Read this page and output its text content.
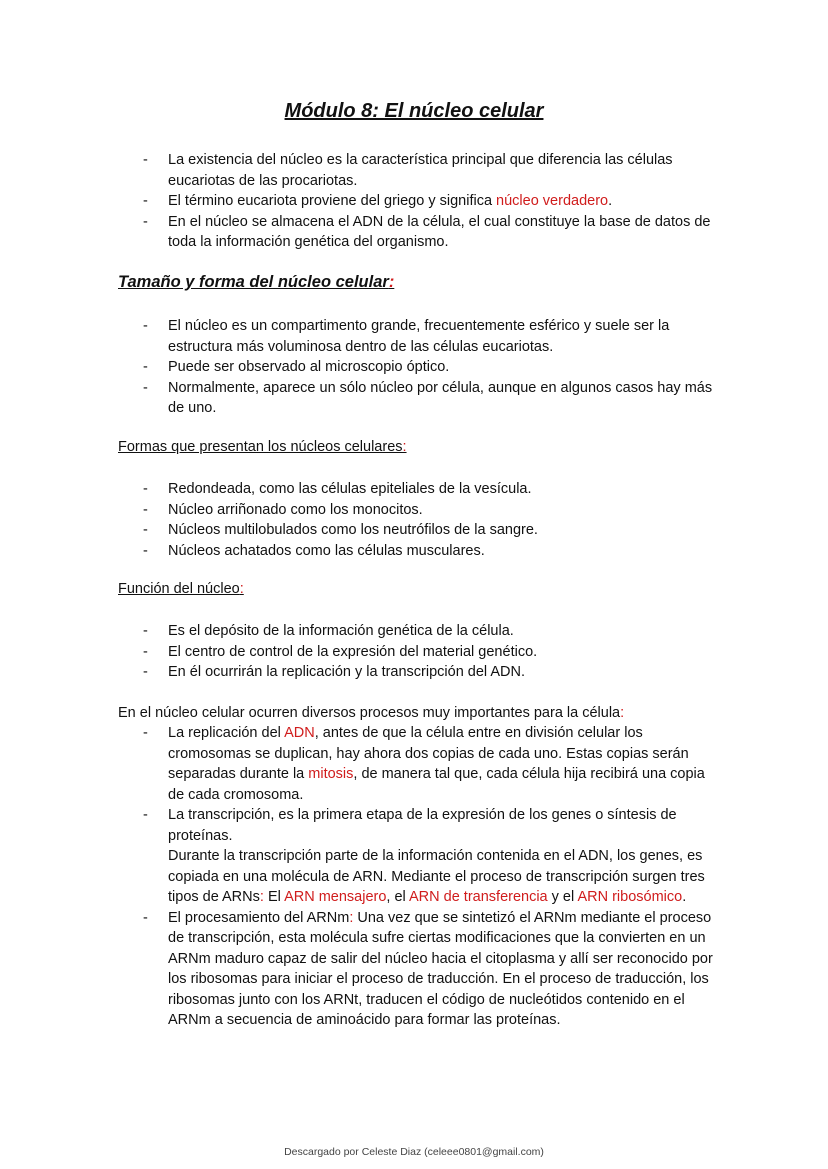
Módulo 8: El núcleo celular
- La existencia del núcleo es la característica principal que diferencia las células eucariotas de las procariotas.
- El término eucariota proviene del griego y significa núcleo verdadero.
- En el núcleo se almacena el ADN de la célula, el cual constituye la base de datos de toda la información genética del organismo.
Tamaño y forma del núcleo celular:
- El núcleo es un compartimento grande, frecuentemente esférico y suele ser la estructura más voluminosa dentro de las células eucariotas.
- Puede ser observado al microscopio óptico.
- Normalmente, aparece un sólo núcleo por célula, aunque en algunos casos hay más de uno.
Formas que presentan los núcleos celulares:
- Redondeada, como las células epiteliales de la vesícula.
- Núcleo arriñonado como los monocitos.
- Núcleos multilobulados como los neutrófilos de la sangre.
- Núcleos achatados como las células musculares.
Función del núcleo:
- Es el depósito de la información genética de la célula.
- El centro de control de la expresión del material genético.
- En él ocurrirán la replicación y la transcripción del ADN.

En el núcleo celular ocurren diversos procesos muy importantes para la célula:

- La replicación del ADN, antes de que la célula entre en división celular los cromosomas se duplican, hay ahora dos copias de cada uno. Estas copias serán separadas durante la mitosis, de manera tal que, cada célula hija recibirá una copia de cada cromosoma.
- La transcripción, es la primera etapa de la expresión de los genes o síntesis de proteínas.
Durante la transcripción parte de la información contenida en el ADN, los genes, es copiada en una molécula de ARN. Mediante el proceso de transcripción surgen tres tipos de ARNs: El ARN mensajero, el ARN de transferencia y el ARN ribosómico.
- El procesamiento del ARNm: Una vez que se sintetizó el ARNm mediante el proceso de transcripción, esta molécula sufre ciertas modificaciones que la convierten en un ARNm maduro capaz de salir del núcleo hacia el citoplasma y allí ser reconocido por los ribosomas para iniciar el proceso de traducción. En el proceso de traducción, los ribosomas junto con los ARNt, traducen el código de nucleótidos contenido en el ARNm a secuencia de aminoácido para formar las proteínas.
Descargado por Celeste Diaz (celeee0801@gmail.com)
